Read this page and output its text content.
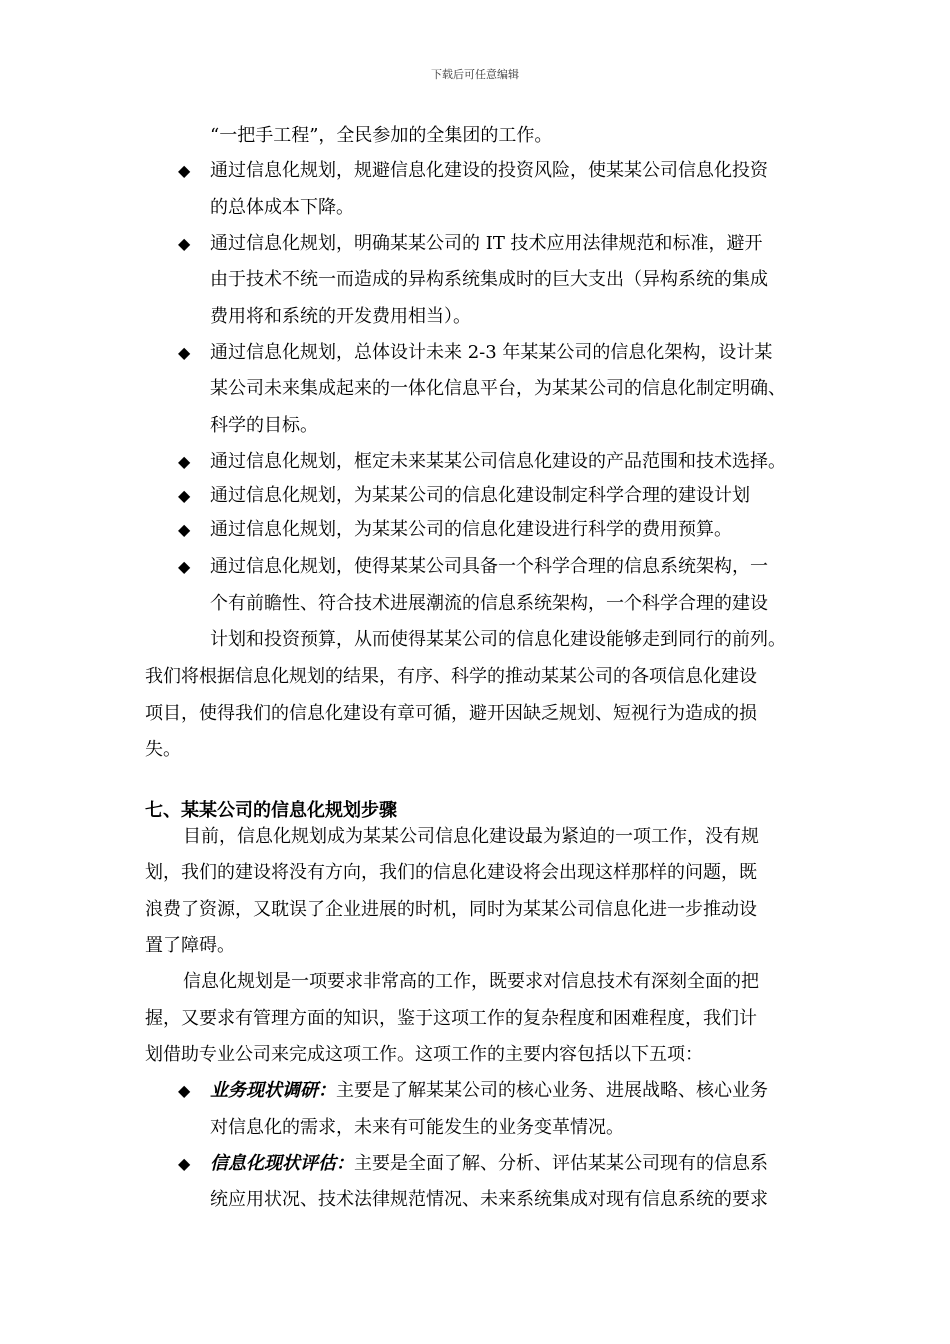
下载后可任意编辑
“一把手工程”，全民参加的全集团的工作。
◆ 通过信息化规划，规避信息化建设的投资风险，使某某公司信息化投资
的总体成本下降。
◆ 通过信息化规划，明确某某公司的 IT 技术应用法律规范和标准，避开
由于技术不统一而造成的异构系统集成时的巨大支出（异构系统的集成
费用将和系统的开发费用相当）。
◆ 通过信息化规划，总体设计未来 2-3 年某某公司的信息化架构，设计某
某公司未来集成起来的一体化信息平台，为某某公司的信息化制定明确、
科学的目标。
◆ 通过信息化规划，框定未来某某公司信息化建设的产品范围和技术选择。
◆ 通过信息化规划，为某某公司的信息化建设制定科学合理的建设计划
◆ 通过信息化规划，为某某公司的信息化建设进行科学的费用预算。
◆ 通过信息化规划，使得某某公司具备一个科学合理的信息系统架构，一
个有前瞻性、符合技术进展潮流的信息系统架构，一个科学合理的建设
计划和投资预算，从而使得某某公司的信息化建设能够走到同行的前列。
我们将根据信息化规划的结果，有序、科学的推动某某公司的各项信息化建设
项目，使得我们的信息化建设有章可循，避开因缺乏规划、短视行为造成的损
失。
七、某某公司的信息化规划步骤
目前，信息化规划成为某某公司信息化建设最为紧迫的一项工作，没有规
划，我们的建设将没有方向，我们的信息化建设将会出现这样那样的问题，既
浪费了资源，又耽误了企业进展的时机，同时为某某公司信息化进一步推动设
置了障碍。
信息化规划是一项要求非常高的工作，既要求对信息技术有深刻全面的把
握，又要求有管理方面的知识，鉴于这项工作的复杂程度和困难程度，我们计
划借助专业公司来完成这项工作。这项工作的主要内容包括以下五项：
◆ 业务现状调研：主要是了解某某公司的核心业务、进展战略、核心业务
对信息化的需求，未来有可能发生的业务变革情况。
◆ 信息化现状评估：主要是全面了解、分析、评估某某公司现有的信息系
统应用状况、技术法律规范情况、未来系统集成对现有信息系统的要求
